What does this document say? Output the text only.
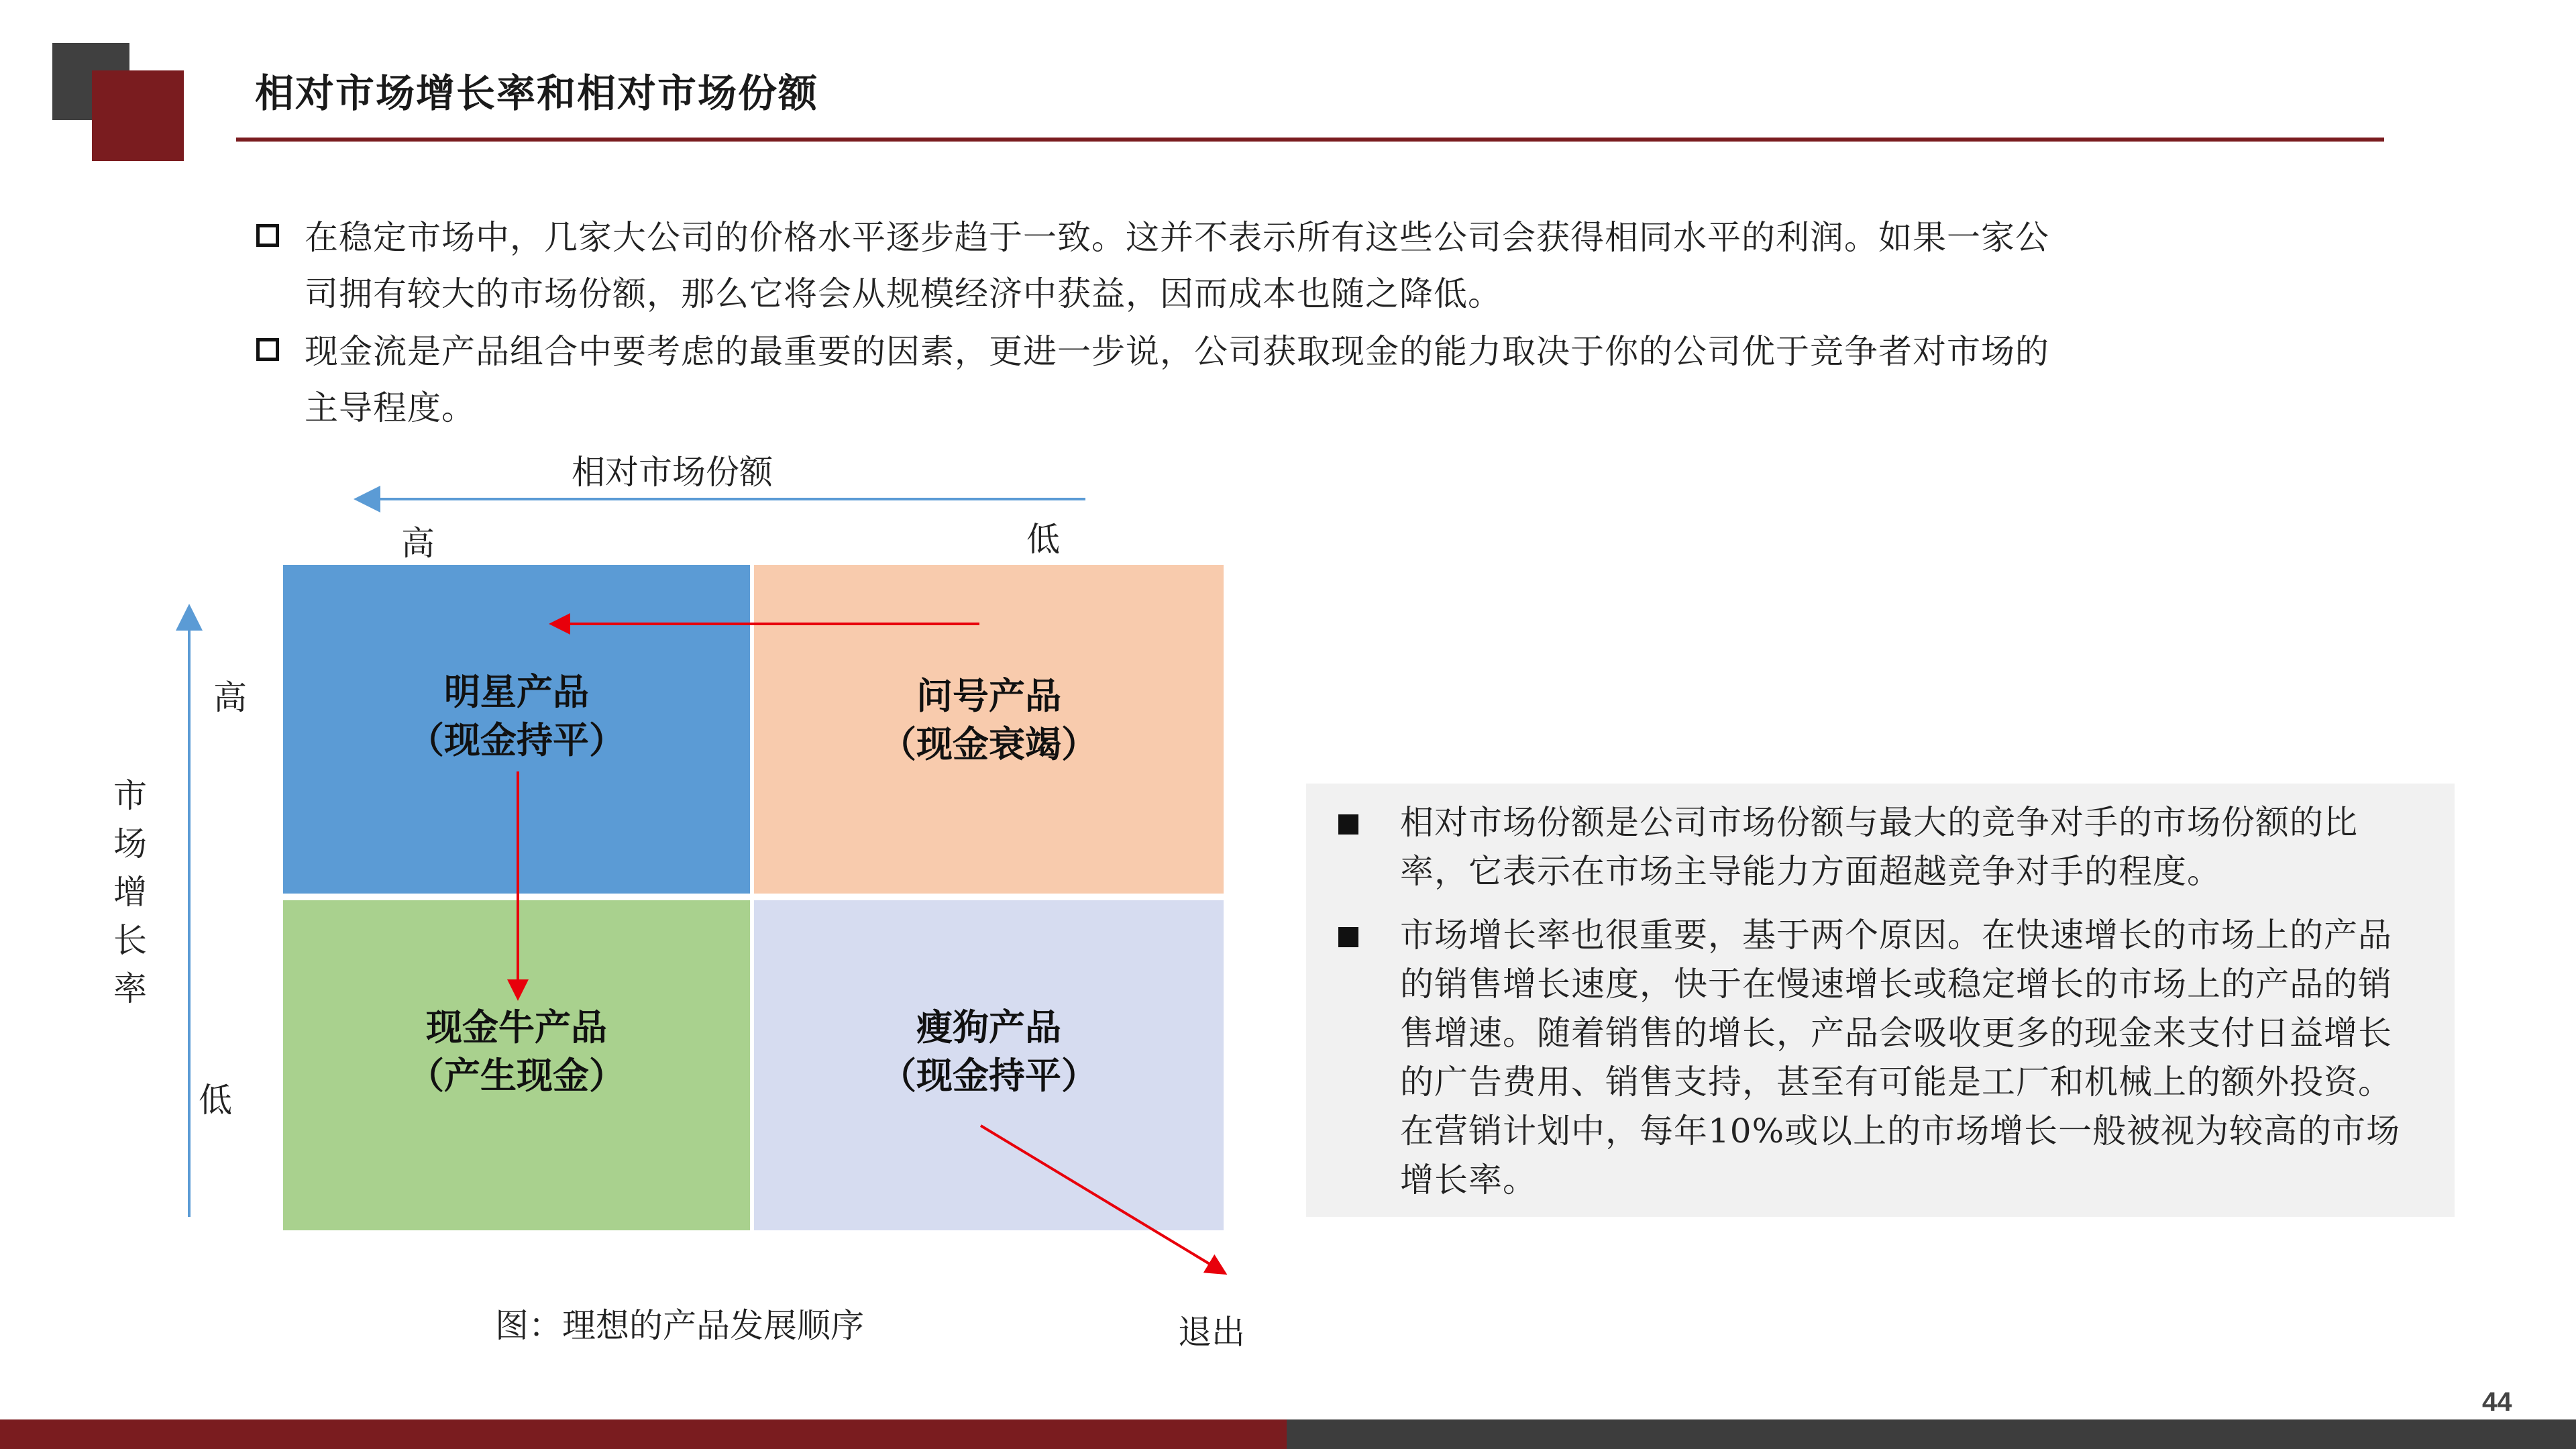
相对市场增长率和相对市场份额
在稳定市场中，几家大公司的价格水平逐步趋于一致。这并不表示所有这些公司会获得相同水平的利润。如果一家公
司拥有较大的市场份额，那么它将会从规模经济中获益，因而成本也随之降低。
现金流是产品组合中要考虑的最重要的因素，更进一步说，公司获取现金的能力取决于你的公司优于竞争者对市场的
主导程度。
相对市场份额
高	低
高
低
市场增长率
明星产品
（现金持平）
问号产品
（现金衰竭）
现金牛产品
（产生现金）
瘦狗产品
（现金持平）
图：理想的产品发展顺序	退出
相对市场份额是公司市场份额与最大的竞争对手的市场份额的比率，它表示在市场主导能力方面超越竞争对手的程度。
市场增长率也很重要，基于两个原因。在快速增长的市场上的产品的销售增长速度，快于在慢速增长或稳定增长的市场上的产品的销售增速。随着销售的增长，产品会吸收更多的现金来支付日益增长的广告费用、销售支持，甚至有可能是工厂和机械上的额外投资。在营销计划中，每年10%或以上的市场增长一般被视为较高的市场增长率。
44
